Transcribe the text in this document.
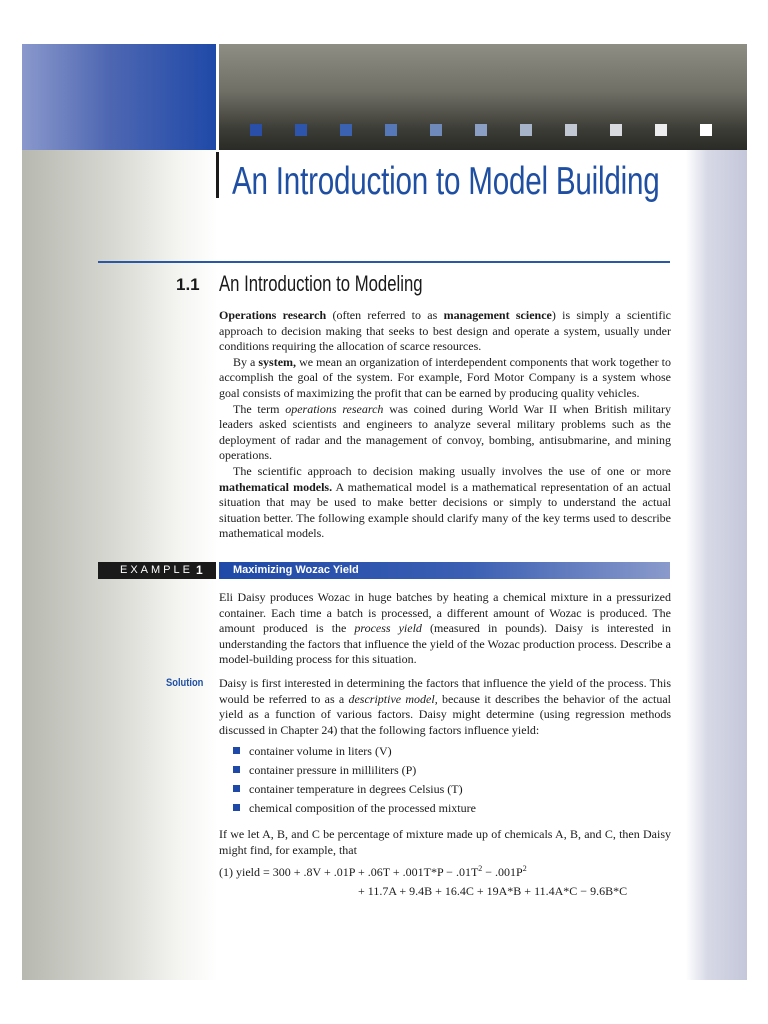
An Introduction to Model Building
1.1 An Introduction to Modeling

Operations research (often referred to as management science) is simply a scientific approach to decision making that seeks to best design and operate a system, usually under conditions requiring the allocation of scarce resources.

By a system, we mean an organization of interdependent components that work together to accomplish the goal of the system. For example, Ford Motor Company is a system whose goal consists of maximizing the profit that can be earned by producing quality vehicles.

The term operations research was coined during World War II when British military leaders asked scientists and engineers to analyze several military problems such as the deployment of radar and the management of convoy, bombing, antisubmarine, and mining operations.

The scientific approach to decision making usually involves the use of one or more mathematical models. A mathematical model is a mathematical representation of an actual situation that may be used to make better decisions or simply to understand the actual situation better. The following example should clarify many of the key terms used to describe mathematical models.

EXAMPLE 1	Maximizing Wozac Yield

Eli Daisy produces Wozac in huge batches by heating a chemical mixture in a pressurized container. Each time a batch is processed, a different amount of Wozac is produced. The amount produced is the process yield (measured in pounds). Daisy is interested in understanding the factors that influence the yield of the Wozac production process. Describe a model-building process for this situation.

Solution Daisy is first interested in determining the factors that influence the yield of the process. This would be referred to as a descriptive model, because it describes the behavior of the actual yield as a function of various factors. Daisy might determine (using regression methods discussed in Chapter 24) that the following factors influence yield:

container volume in liters (V)
container pressure in milliliters (P)
container temperature in degrees Celsius (T)
chemical composition of the processed mixture

If we let A, B, and C be percentage of mixture made up of chemicals A, B, and C, then Daisy might find, for example, that

(1) yield = $300 + .8V + .01P + .06T + .001T*P - .01T^2 - .001P^2$
+ 11.7A + 9.4B + 16.4C + 19A*B + 11.4A*C − 9.6B*C
